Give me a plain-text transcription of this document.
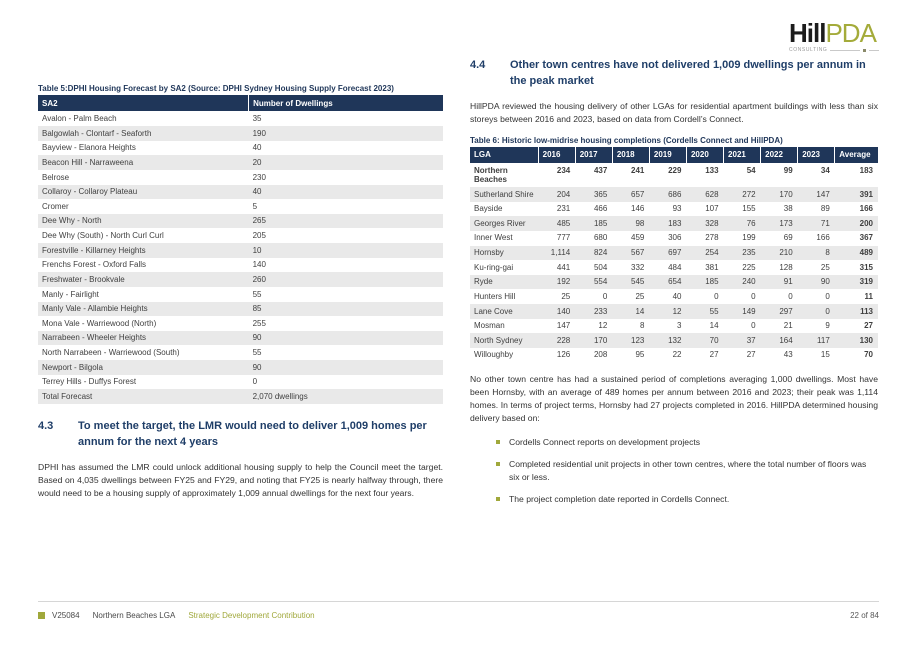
HillPDA
CONSULTING
Table 5:DPHI Housing Forecast by SA2 (Source: DPHI Sydney Housing Supply Forecast 2023)
SA2	Number of Dwellings
Avalon - Palm Beach	35
Balgowlah - Clontarf - Seaforth	190
Bayview - Elanora Heights	40
Beacon Hill - Narraweena	20
Belrose	230
Collaroy - Collaroy Plateau	40
Cromer	5
Dee Why - North	265
Dee Why (South) - North Curl Curl	205
Forestville - Killarney Heights	10
Frenchs Forest - Oxford Falls	140
Freshwater - Brookvale	260
Manly - Fairlight	55
Manly Vale - Allambie Heights	85
Mona Vale - Warriewood (North)	255
Narrabeen - Wheeler Heights	90
North Narrabeen - Warriewood (South)	55
Newport - Bilgola	90
Terrey Hills - Duffys Forest	0
Total Forecast	2,070 dwellings
4.3	To meet the target, the LMR would need to deliver 1,009 homes per annum for the next 4 years

DPHI has assumed the LMR could unlock additional housing supply to help the Council meet the target. Based on 4,035 dwellings between FY25 and FY29, and noting that FY25 is nearly halfway through, there would need to be a housing supply of approximately 1,009 annual dwellings for the next four years.

4.4	Other town centres have not delivered 1,009 dwellings per annum in the peak market

HillPDA reviewed the housing delivery of other LGAs for residential apartment buildings with less than six storeys between 2016 and 2023, based on data from Cordell’s Connect.

Table 6: Historic low-midrise housing completions (Cordells Connect and HillPDA)
LGA	2016	2017	2018	2019	2020	2021	2022	2023	Average
Northern Beaches	234	437	241	229	133	54	99	34	183
Sutherland Shire	204	365	657	686	628	272	170	147	391
Bayside	231	466	146	93	107	155	38	89	166
Georges River	485	185	98	183	328	76	173	71	200
Inner West	777	680	459	306	278	199	69	166	367
Hornsby	1,114	824	567	697	254	235	210	8	489
Ku-ring-gai	441	504	332	484	381	225	128	25	315
Ryde	192	554	545	654	185	240	91	90	319
Hunters Hill	25	0	25	40	0	0	0	0	11
Lane Cove	140	233	14	12	55	149	297	0	113
Mosman	147	12	8	3	14	0	21	9	27
North Sydney	228	170	123	132	70	37	164	117	130
Willoughby	126	208	95	22	27	27	43	15	70

No other town centre has had a sustained period of completions averaging 1,000 dwellings. Most have been Hornsby, with an average of 489 homes per annum between 2016 and 2023; their peak was 1,114 homes. In terms of project terms, Hornsby had 27 projects completed in 2016. HillPDA determined housing delivery based on:

Cordells Connect reports on development projects
Completed residential unit projects in other town centres, where the total number of floors was six or less.
The project completion date reported in Cordells Connect.
V25084 Northern Beaches LGA Strategic Development Contribution	22 of 84
